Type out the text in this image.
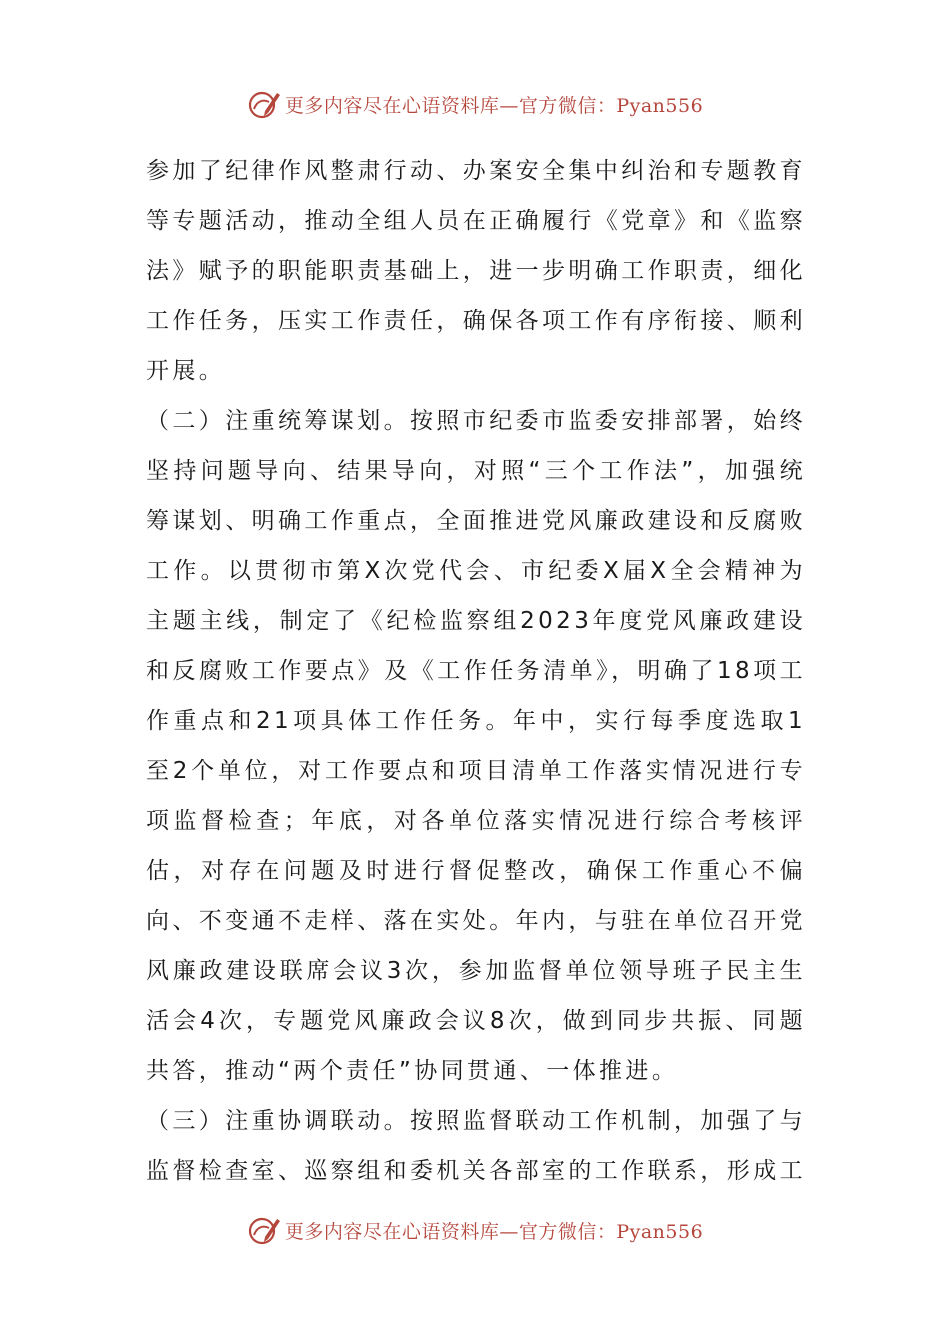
更多内容尽在心语资料库—官方微信：Pyan556

参加了纪律作风整肃行动、办案安全集中纠治和专题教育等专题活动，推动全组人员在正确履行《党章》和《监察法》赋予的职能职责基础上，进一步明确工作职责，细化工作任务，压实工作责任，确保各项工作有序衔接、顺利开展。

（二）注重统筹谋划。按照市纪委市监委安排部署，始终坚持问题导向、结果导向，对照“三个工作法”，加强统筹谋划、明确工作重点，全面推进党风廉政建设和反腐败工作。以贯彻市第X次党代会、市纪委X届X全会精神为主题主线，制定了《纪检监察组2023年度党风廉政建设和反腐败工作要点》及《工作任务清单》，明确了18项工作重点和21项具体工作任务。年中，实行每季度选取1至2个单位，对工作要点和项目清单工作落实情况进行专项监督检查；年底，对各单位落实情况进行综合考核评估，对存在问题及时进行督促整改，确保工作重心不偏向、不变通不走样、落在实处。年内，与驻在单位召开党风廉政建设联席会议3次，参加监督单位领导班子民主生活会4次，专题党风廉政会议8次，做到同步共振、同题共答，推动“两个责任”协同贯通、一体推进。

（三）注重协调联动。按照监督联动工作机制，加强了与监督检查室、巡察组和委机关各部室的工作联系，形成工

更多内容尽在心语资料库—官方微信：Pyan556
